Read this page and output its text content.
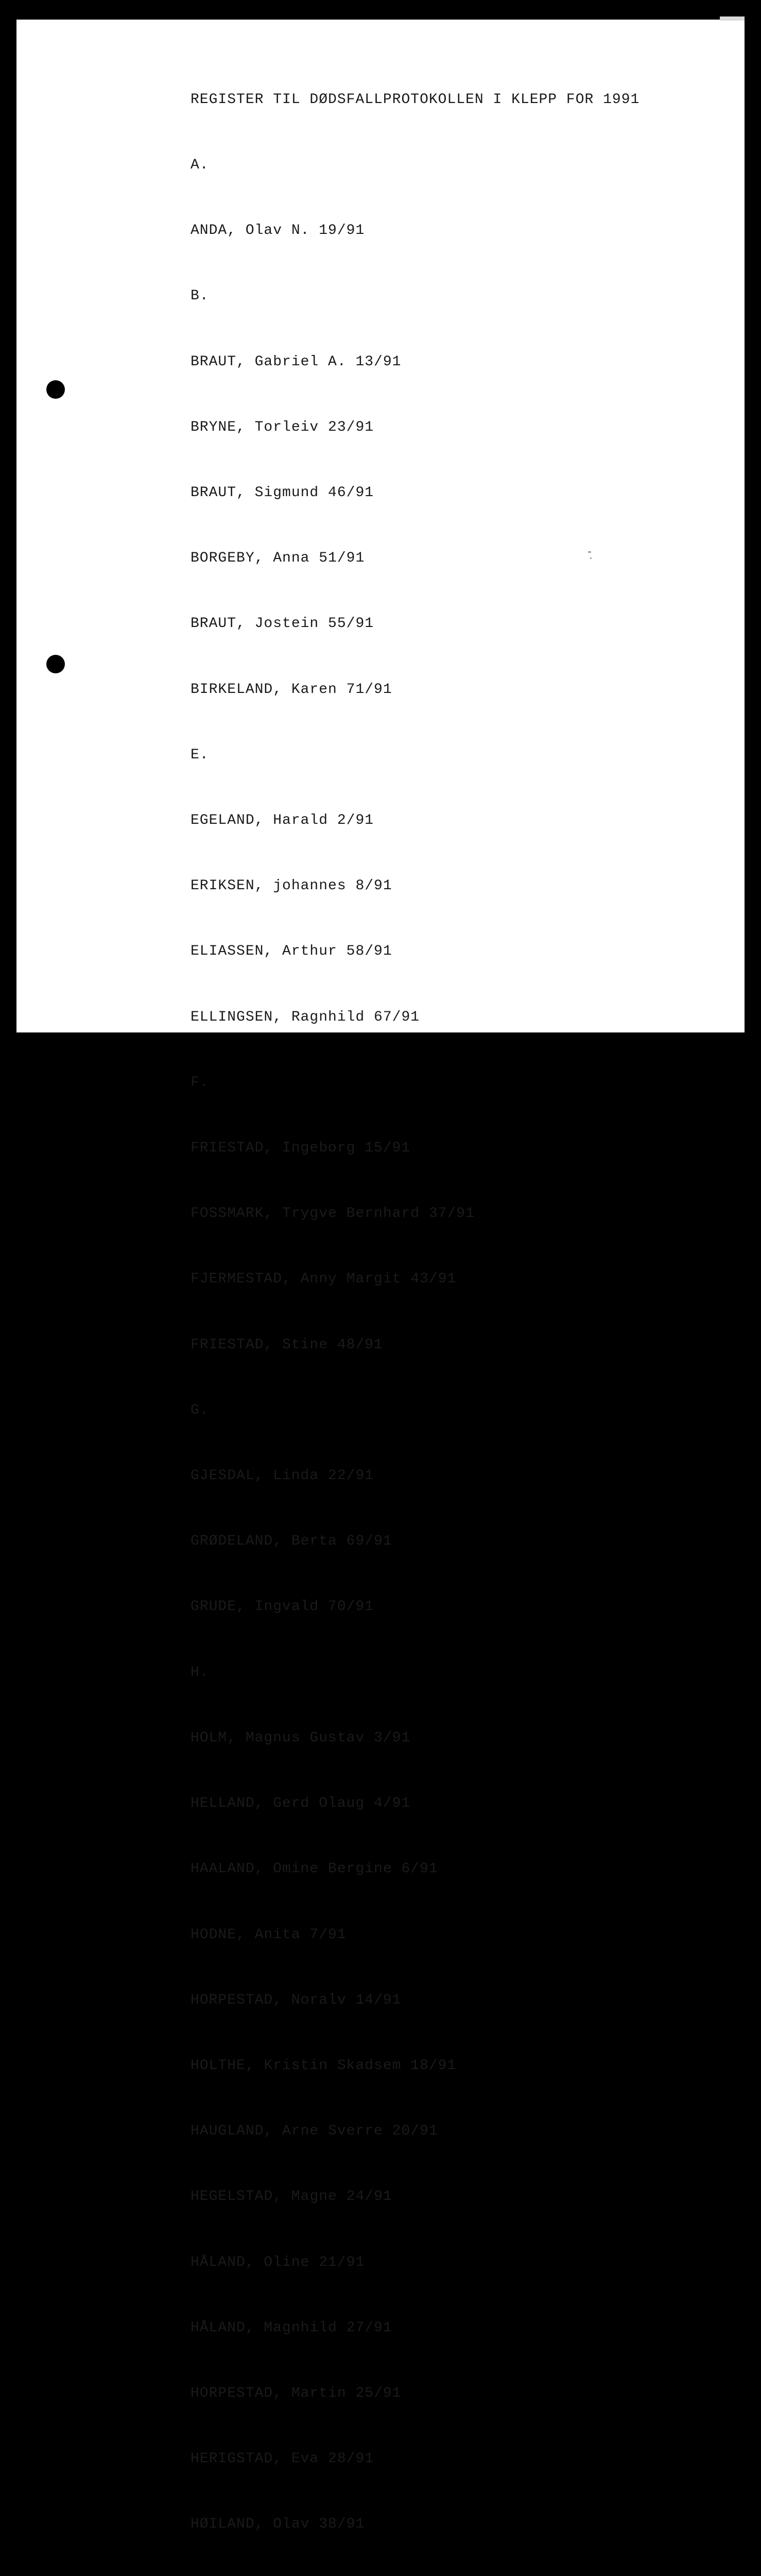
REGISTER TIL DØDSFALLPROTOKOLLEN I KLEPP FOR 1991

A.

ANDA, Olav N. 19/91

B.

BRAUT, Gabriel A. 13/91

BRYNE, Torleiv 23/91

BRAUT, Sigmund 46/91

BORGEBY, Anna 51/91

BRAUT, Jostein 55/91

BIRKELAND, Karen 71/91

E.

EGELAND, Harald 2/91

ERIKSEN, johannes 8/91

ELIASSEN, Arthur 58/91

ELLINGSEN, Ragnhild 67/91

F.

FRIESTAD, Ingeborg 15/91

FOSSMARK, Trygve Bernhard 37/91

FJERMESTAD, Anny Margit 43/91

FRIESTAD, Stine 48/91

G.

GJESDAL, Linda 22/91

GRØDELAND, Berta 69/91

GRUDE, Ingvald 70/91

H.

HOLM, Magnus Gustav 3/91

HELLAND, Gerd Olaug 4/91

HAALAND, Omine Bergine 6/91

HODNE, Anita 7/91

HORPESTAD, Noralv 14/91

HOLTHE, Kristin Skadsem 18/91

HAUGLAND, Arne Sverre 20/91

HEGELSTAD, Magne 24/91

HÅLAND, Oline 21/91

HÅLAND, Magnhild 27/91

HORPESTAD, Martin 25/91

HERIGSTAD, Eva 28/91

HØILAND, Olav 38/91
